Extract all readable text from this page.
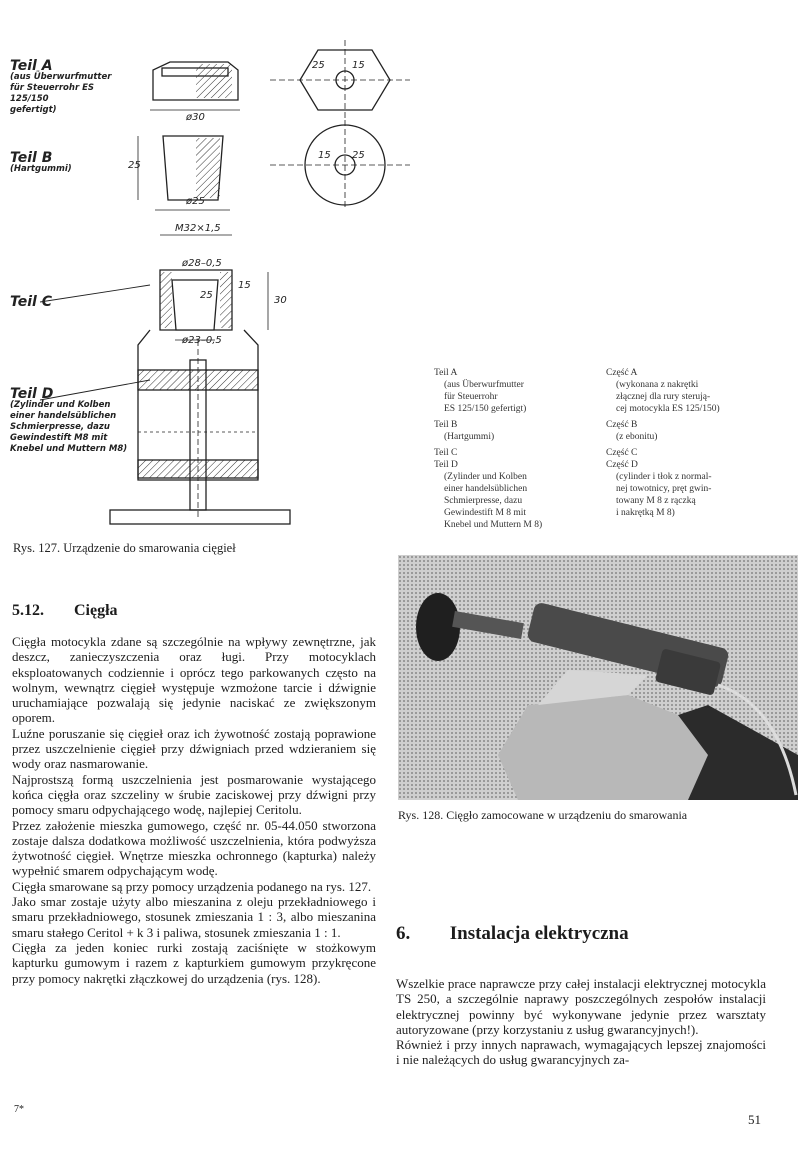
Teil A
(aus Überwurfmutter
für Steuerrohr ES 125/150
gefertigt)
Teil B
(Hartgummi)
Teil C
Teil D
(Zylinder und Kolben
einer handelsüblichen
Schmierpresse, dazu
Gewindestift M8 mit
Knebel und Muttern M8)
ø30
ø25
25
25	15
15 25
M32×1,5
ø28–0,5
25
15
30
ø23–0,5
Rys. 127. Urządzenie do smarowania cięgieł
Teil A
(aus Überwurfmutter
für Steuerrohr
ES 125/150 gefertigt)
Teil B
(Hartgummi)
Teil C
Teil D
(Zylinder und Kolben
einer handelsüblichen
Schmierpresse, dazu
Gewindestift M 8 mit
Knebel und Muttern M 8)
Część A
(wykonana z nakrętki
złącznej dla rury sterują-
cej motocykla ES 125/150)
Część B
(z ebonitu)
Część C
Część D
(cylinder i tłok z normal-
nej towotnicy, pręt gwin-
towany M 8 z rączką
i nakrętką M 8)
Rys. 128. Cięgło zamocowane w urządzeniu do smarowania
5.12. Cięgła

Cięgła motocykla zdane są szczególnie na wpływy zewnętrzne, jak deszcz, zanieczyszczenia oraz ługi. Przy motocyklach eksploatowanych codziennie i oprócz tego parkowanych często na wolnym, wewnątrz cięgieł występuje wzmożone tarcie i dźwignie uruchamiające pozwalają się jedynie naciskać ze zwiększonym oporem.

Luźne poruszanie się cięgieł oraz ich żywotność zostają poprawione przez uszczelnienie cięgieł przy dźwigniach przed wdzieraniem się wody oraz nasmarowanie.

Najprostszą formą uszczelnienia jest posmarowanie wystającego końca cięgła oraz szczeliny w śrubie zaciskowej przy dźwigni przy pomocy smaru odpychającego wodę, najlepiej Ceritolu.

Przez założenie mieszka gumowego, część nr. 05-44.050 stworzona zostaje dalsza dodatkowa możliwość uszczelnienia, która podwyższa żytwotność cięgieł. Wnętrze mieszka ochronnego (kapturka) należy wypełnić smarem odpychającym wodę.

Cięgła smarowane są przy pomocy urządzenia podanego na rys. 127.

Jako smar zostaje użyty albo mieszanina z oleju przekładniowego i smaru przekładniowego, stosunek zmieszania 1 : 3, albo mieszanina smaru stałego Ceritol + k 3 i paliwa, stosunek zmieszania 1 : 1.

Cięgła za jeden koniec rurki zostają zaciśnięte w stożkowym kapturku gumowym i razem z kapturkiem gumowym przykręcone przy pomocy nakrętki złączkowej do urządzenia (rys. 128).

6. Instalacja elektryczna

Wszelkie prace naprawcze przy całej instalacji elektrycznej motocykla TS 250, a szczególnie naprawy poszczególnych zespołów instalacji elektrycznej powinny być wykonywane jedynie przez warsztaty autoryzowane (przy korzystaniu z usług gwarancyjnych!).

Również i przy innych naprawach, wymagających lepszej znajomości i nie należących do usług gwarancyjnych za-

7*
51
